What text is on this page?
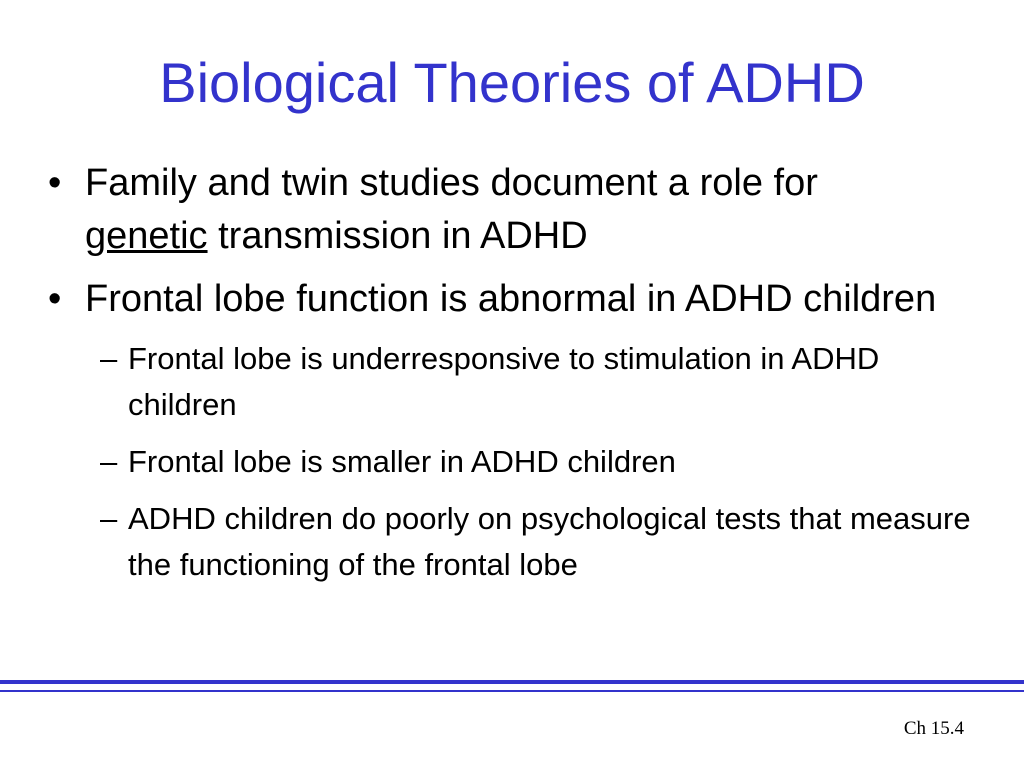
Biological Theories of ADHD
• Family and twin studies document a role for
genetic transmission in ADHD
• Frontal lobe function is abnormal in ADHD children
– Frontal lobe is underresponsive to stimulation in ADHD children
– Frontal lobe is smaller in ADHD children
– ADHD children do poorly on psychological tests that measure the functioning of the frontal lobe
Ch 15.4
